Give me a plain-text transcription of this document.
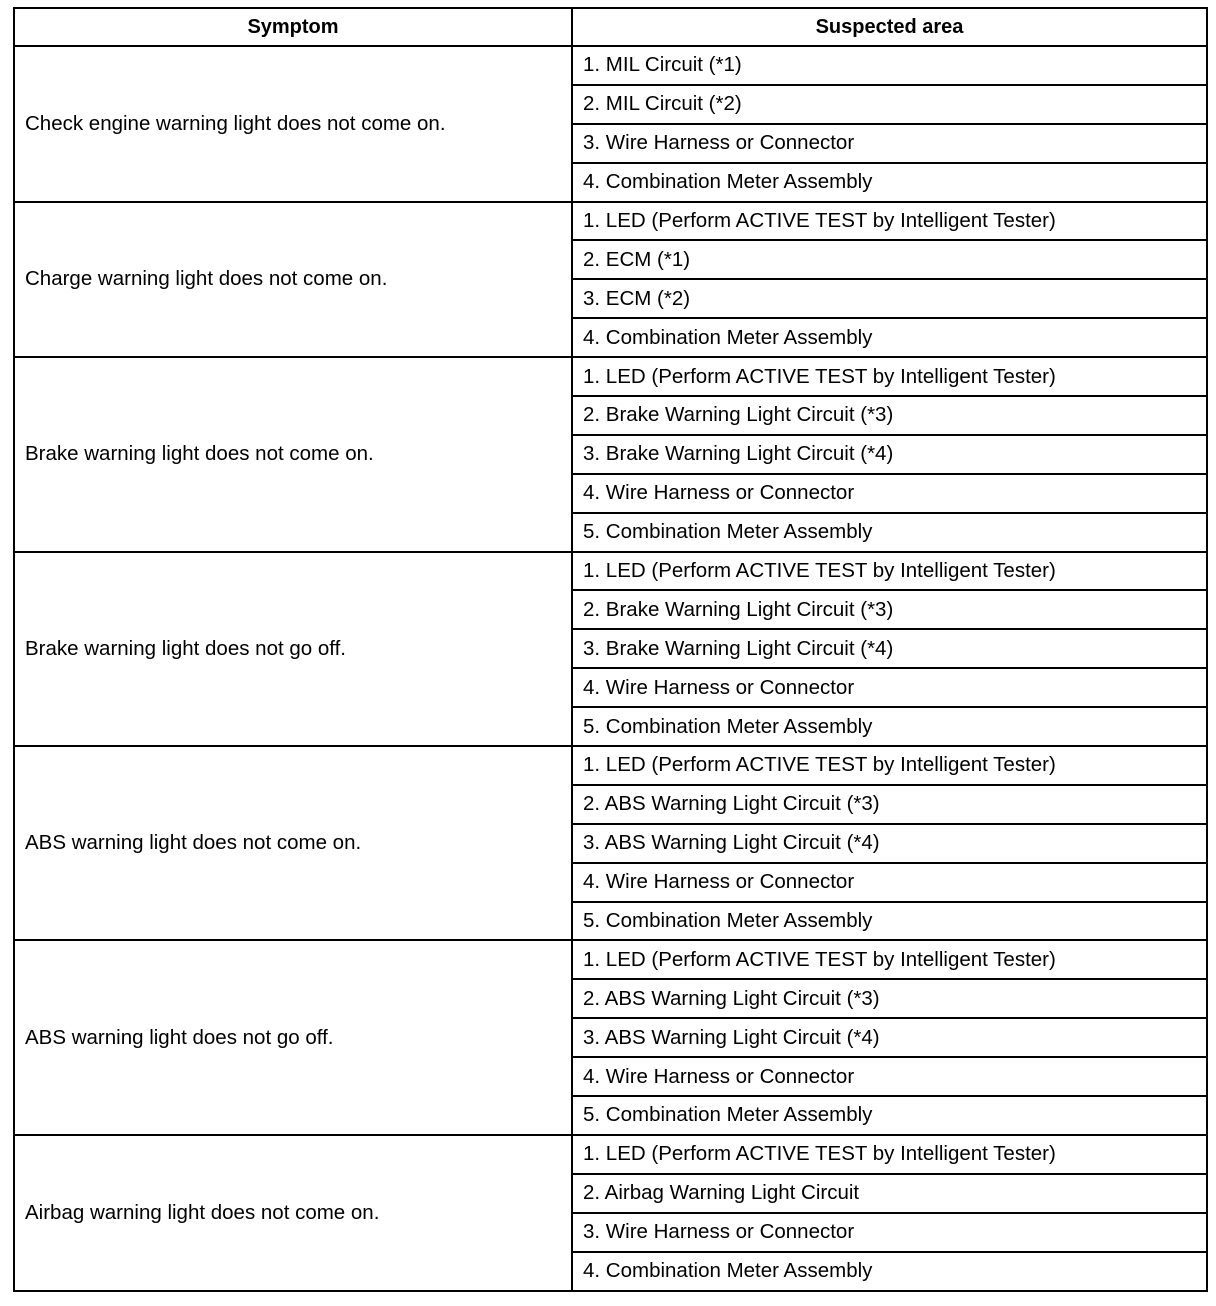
Symptom	Suspected area
Check engine warning light does not come on.	1. MIL Circuit (*1)
	2. MIL Circuit (*2)
	3. Wire Harness or Connector
	4. Combination Meter Assembly
Charge warning light does not come on.	1. LED (Perform ACTIVE TEST by Intelligent Tester)
	2. ECM (*1)
	3. ECM (*2)
	4. Combination Meter Assembly
Brake warning light does not come on.	1. LED (Perform ACTIVE TEST by Intelligent Tester)
	2. Brake Warning Light Circuit (*3)
	3. Brake Warning Light Circuit (*4)
	4. Wire Harness or Connector
	5. Combination Meter Assembly
Brake warning light does not go off.	1. LED (Perform ACTIVE TEST by Intelligent Tester)
	2. Brake Warning Light Circuit (*3)
	3. Brake Warning Light Circuit (*4)
	4. Wire Harness or Connector
	5. Combination Meter Assembly
ABS warning light does not come on.	1. LED (Perform ACTIVE TEST by Intelligent Tester)
	2. ABS Warning Light Circuit (*3)
	3. ABS Warning Light Circuit (*4)
	4. Wire Harness or Connector
	5. Combination Meter Assembly
ABS warning light does not go off.	1. LED (Perform ACTIVE TEST by Intelligent Tester)
	2. ABS Warning Light Circuit (*3)
	3. ABS Warning Light Circuit (*4)
	4. Wire Harness or Connector
	5. Combination Meter Assembly
Airbag warning light does not come on.	1. LED (Perform ACTIVE TEST by Intelligent Tester)
	2. Airbag Warning Light Circuit
	3. Wire Harness or Connector
	4. Combination Meter Assembly
